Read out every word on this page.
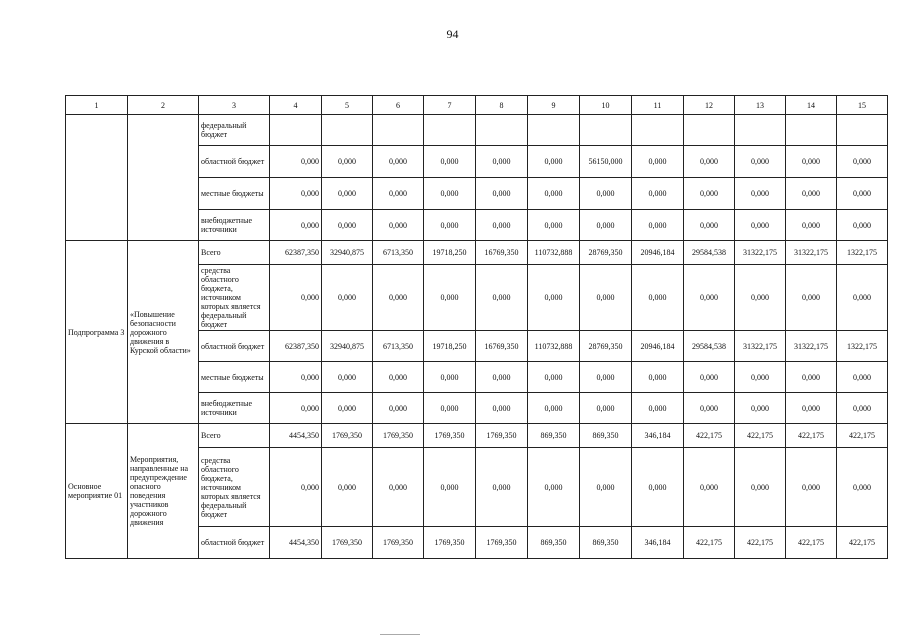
94
1	2	3	4	5	6	7	8	9	10	11	12	13	14	15
		федеральный бюджет												
		областной бюджет	0,000	0,000	0,000	0,000	0,000	0,000	56150,000	0,000	0,000	0,000	0,000	0,000
		местные бюджеты	0,000	0,000	0,000	0,000	0,000	0,000	0,000	0,000	0,000	0,000	0,000	0,000
		внебюджетные источники	0,000	0,000	0,000	0,000	0,000	0,000	0,000	0,000	0,000	0,000	0,000	0,000
Подпрограмма 3	«Повышение безопасности дорожного движения в Курской области»	Всего	62387,350	32940,875	6713,350	19718,250	16769,350	110732,888	28769,350	20946,184	29584,538	31322,175	31322,175	1322,175
		средства областного бюджета, источником которых является федеральный бюджет	0,000	0,000	0,000	0,000	0,000	0,000	0,000	0,000	0,000	0,000	0,000	0,000
		областной бюджет	62387,350	32940,875	6713,350	19718,250	16769,350	110732,888	28769,350	20946,184	29584,538	31322,175	31322,175	1322,175
		местные бюджеты	0,000	0,000	0,000	0,000	0,000	0,000	0,000	0,000	0,000	0,000	0,000	0,000
		внебюджетные источники	0,000	0,000	0,000	0,000	0,000	0,000	0,000	0,000	0,000	0,000	0,000	0,000
Основное мероприятие 01	Мероприятия, направленные на предупреждение опасного поведения участников дорожного движения	Всего	4454,350	1769,350	1769,350	1769,350	1769,350	869,350	869,350	346,184	422,175	422,175	422,175	422,175
		средства областного бюджета, источником которых является федеральный бюджет	0,000	0,000	0,000	0,000	0,000	0,000	0,000	0,000	0,000	0,000	0,000	0,000
		областной бюджет	4454,350	1769,350	1769,350	1769,350	1769,350	869,350	869,350	346,184	422,175	422,175	422,175	422,175
